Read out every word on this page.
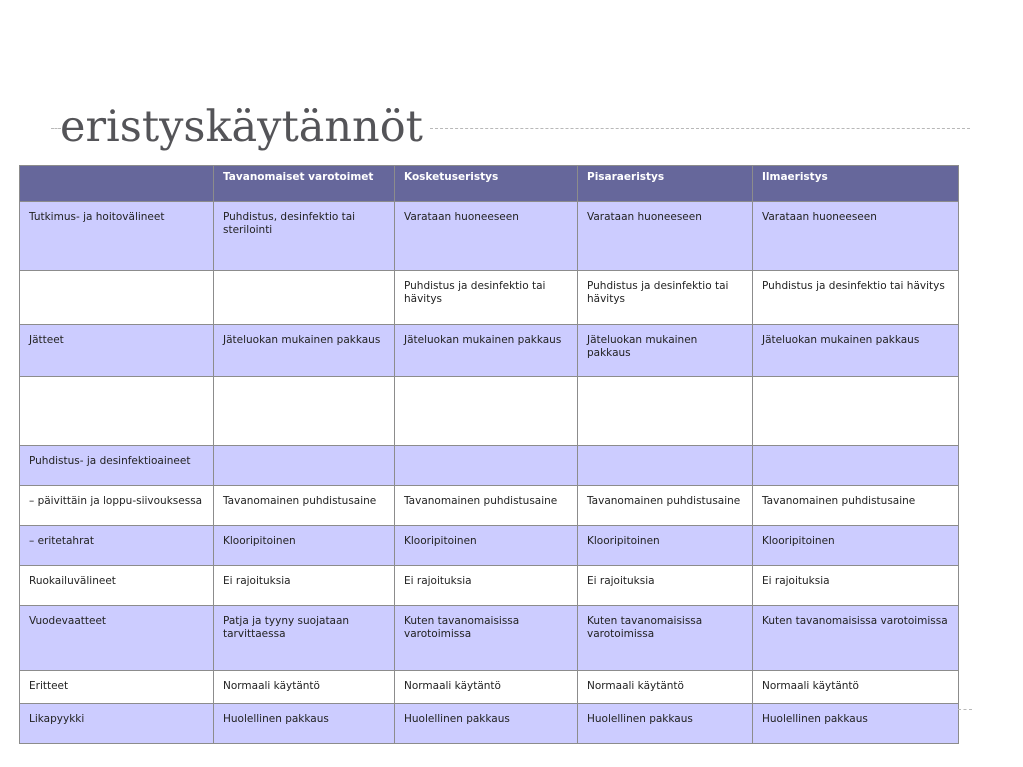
eristyskäytännöt
	Tavanomaiset varotoimet	Kosketuseristys	Pisaraeristys	Ilmaeristys
Tutkimus- ja hoitovälineet	Puhdistus, desinfektio tai sterilointi	Varataan huoneeseen	Varataan huoneeseen	Varataan huoneeseen
		Puhdistus ja desinfektio tai hävitys	Puhdistus ja desinfektio tai hävitys	Puhdistus ja desinfektio tai hävitys
Jätteet	Jäteluokan mukainen pakkaus	Jäteluokan mukainen pakkaus	Jäteluokan mukainen pakkaus	Jäteluokan mukainen pakkaus

Puhdistus- ja desinfektioaineet				
– päivittäin ja loppu-siivouksessa	Tavanomainen puhdistusaine	Tavanomainen puhdistusaine	Tavanomainen puhdistusaine	Tavanomainen puhdistusaine
– eritetahrat	Klooripitoinen	Klooripitoinen	Klooripitoinen	Klooripitoinen
Ruokailuvälineet	Ei rajoituksia	Ei rajoituksia	Ei rajoituksia	Ei rajoituksia
Vuodevaatteet	Patja ja tyyny suojataan tarvittaessa	Kuten tavanomaisissa varotoimissa	Kuten tavanomaisissa varotoimissa	Kuten tavanomaisissa varotoimissa
Eritteet	Normaali käytäntö	Normaali käytäntö	Normaali käytäntö	Normaali käytäntö
Likapyykki	Huolellinen pakkaus	Huolellinen pakkaus	Huolellinen pakkaus	Huolellinen pakkaus
